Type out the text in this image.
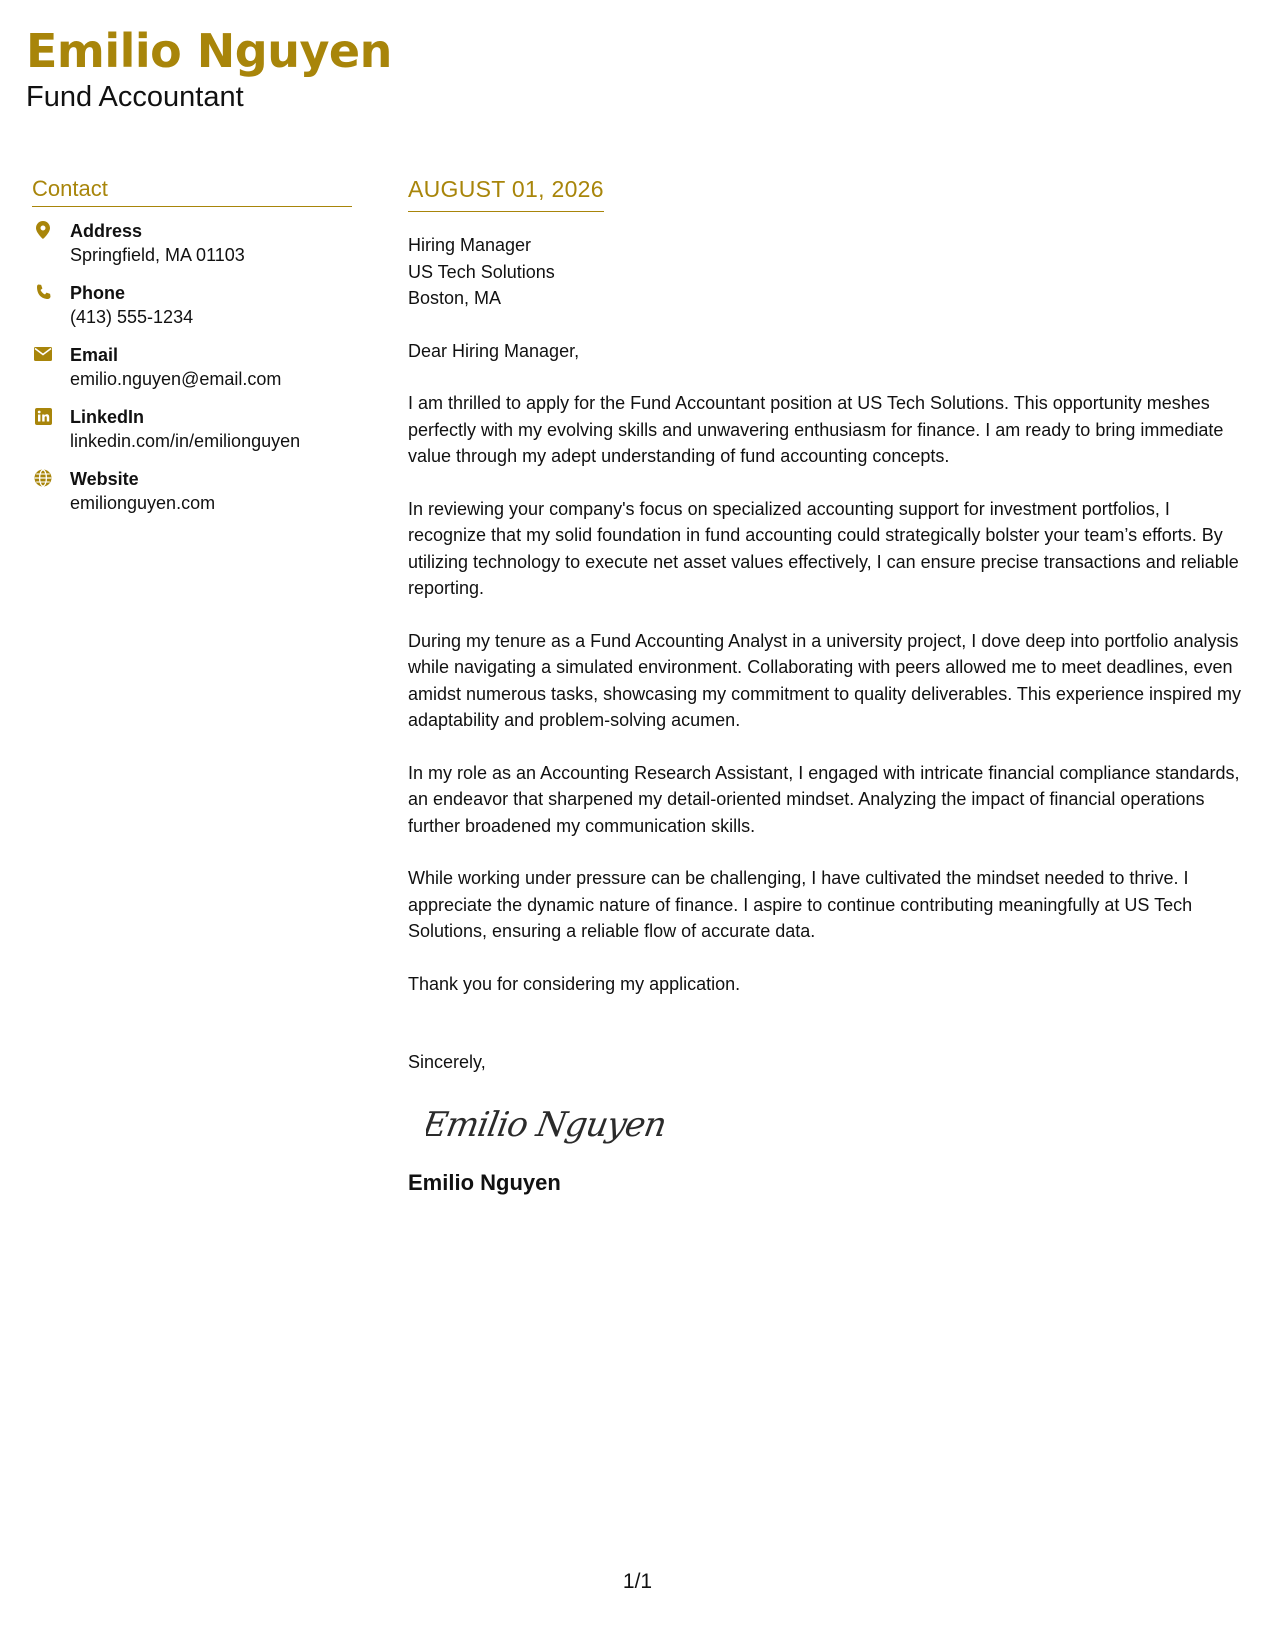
Emilio Nguyen

Fund Accountant

Contact
Address
Springfield, MA 01103
Phone
(413) 555-1234
Email
emilio.nguyen@email.com
LinkedIn
linkedin.com/in/emilionguyen
Website
emilionguyen.com
AUGUST 01, 2026
Hiring Manager
US Tech Solutions
Boston, MA

Dear Hiring Manager,

I am thrilled to apply for the Fund Accountant position at US Tech Solutions. This opportunity meshes perfectly with my evolving skills and unwavering enthusiasm for finance. I am ready to bring immediate value through my adept understanding of fund accounting concepts.

In reviewing your company's focus on specialized accounting support for investment portfolios, I recognize that my solid foundation in fund accounting could strategically bolster your team’s efforts. By utilizing technology to execute net asset values effectively, I can ensure precise transactions and reliable reporting.

During my tenure as a Fund Accounting Analyst in a university project, I dove deep into portfolio analysis while navigating a simulated environment. Collaborating with peers allowed me to meet deadlines, even amidst numerous tasks, showcasing my commitment to quality deliverables. This experience inspired my adaptability and problem-solving acumen.

In my role as an Accounting Research Assistant, I engaged with intricate financial compliance standards, an endeavor that sharpened my detail-oriented mindset. Analyzing the impact of financial operations further broadened my communication skills.

While working under pressure can be challenging, I have cultivated the mindset needed to thrive. I appreciate the dynamic nature of finance. I aspire to continue contributing meaningfully at US Tech Solutions, ensuring a reliable flow of accurate data.

Thank you for considering my application.

Sincerely,
Emilio Nguyen
Emilio Nguyen
1/1
